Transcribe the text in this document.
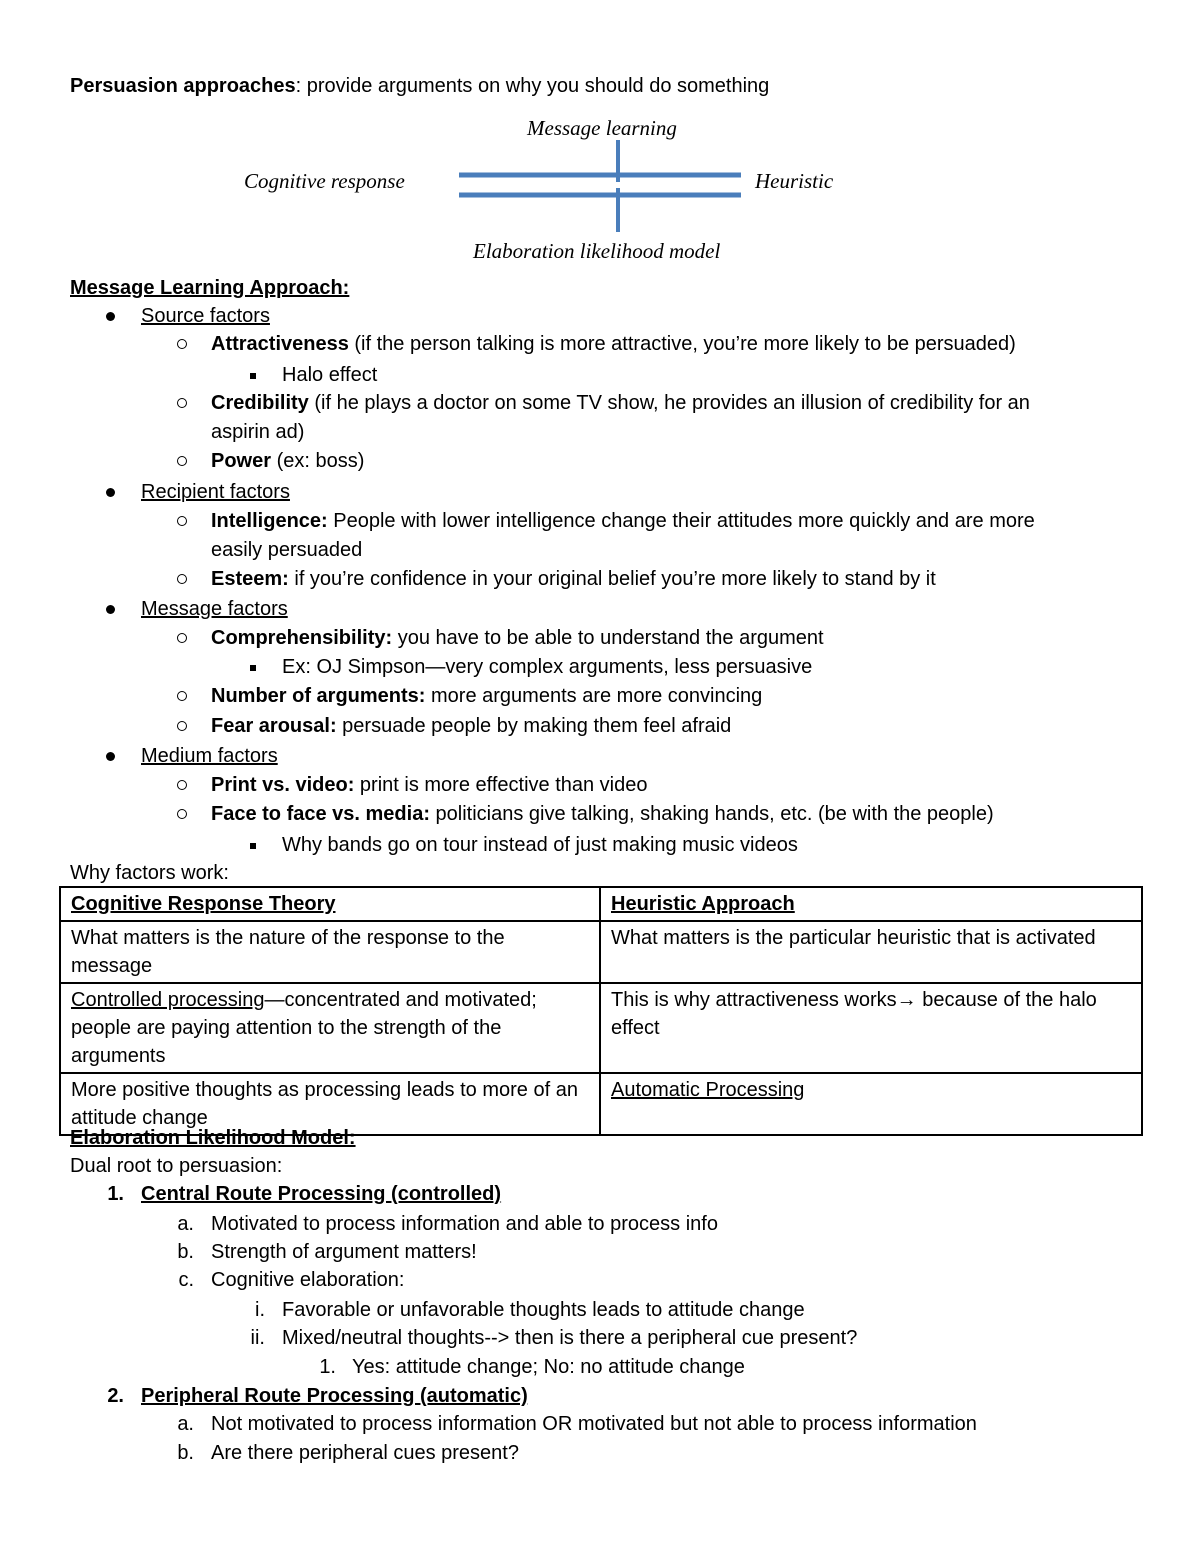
Persuasion approaches: provide arguments on why you should do something
Message learning
Cognitive response	Heuristic
Elaboration likelihood model
Message Learning Approach:
Source factors
Attractiveness (if the person talking is more attractive, you’re more likely to be persuaded)
Halo effect
Credibility (if he plays a doctor on some TV show, he provides an illusion of credibility for an
aspirin ad)
Power (ex: boss)
Recipient factors
Intelligence: People with lower intelligence change their attitudes more quickly and are more
easily persuaded
Esteem: if you’re confidence in your original belief you’re more likely to stand by it
Message factors
Comprehensibility: you have to be able to understand the argument
Ex: OJ Simpson—very complex arguments, less persuasive
Number of arguments: more arguments are more convincing
Fear arousal: persuade people by making them feel afraid
Medium factors
Print vs. video: print is more effective than video
Face to face vs. media: politicians give talking, shaking hands, etc. (be with the people)
Why bands go on tour instead of just making music videos
Why factors work:
Cognitive Response Theory	Heuristic Approach
What matters is the nature of the response to the message	What matters is the particular heuristic that is activated
Controlled processing—concentrated and motivated; people are paying attention to the strength of the arguments	This is why attractiveness works→ because of the halo effect
More positive thoughts as processing leads to more of an attitude change	Automatic Processing
Elaboration Likelihood Model:
Dual root to persuasion:
1. Central Route Processing (controlled)
a. Motivated to process information and able to process info
b. Strength of argument matters!
c. Cognitive elaboration:
i. Favorable or unfavorable thoughts leads to attitude change
ii. Mixed/neutral thoughts--> then is there a peripheral cue present?
1. Yes: attitude change; No: no attitude change
2. Peripheral Route Processing (automatic)
a. Not motivated to process information OR motivated but not able to process information
b. Are there peripheral cues present?
